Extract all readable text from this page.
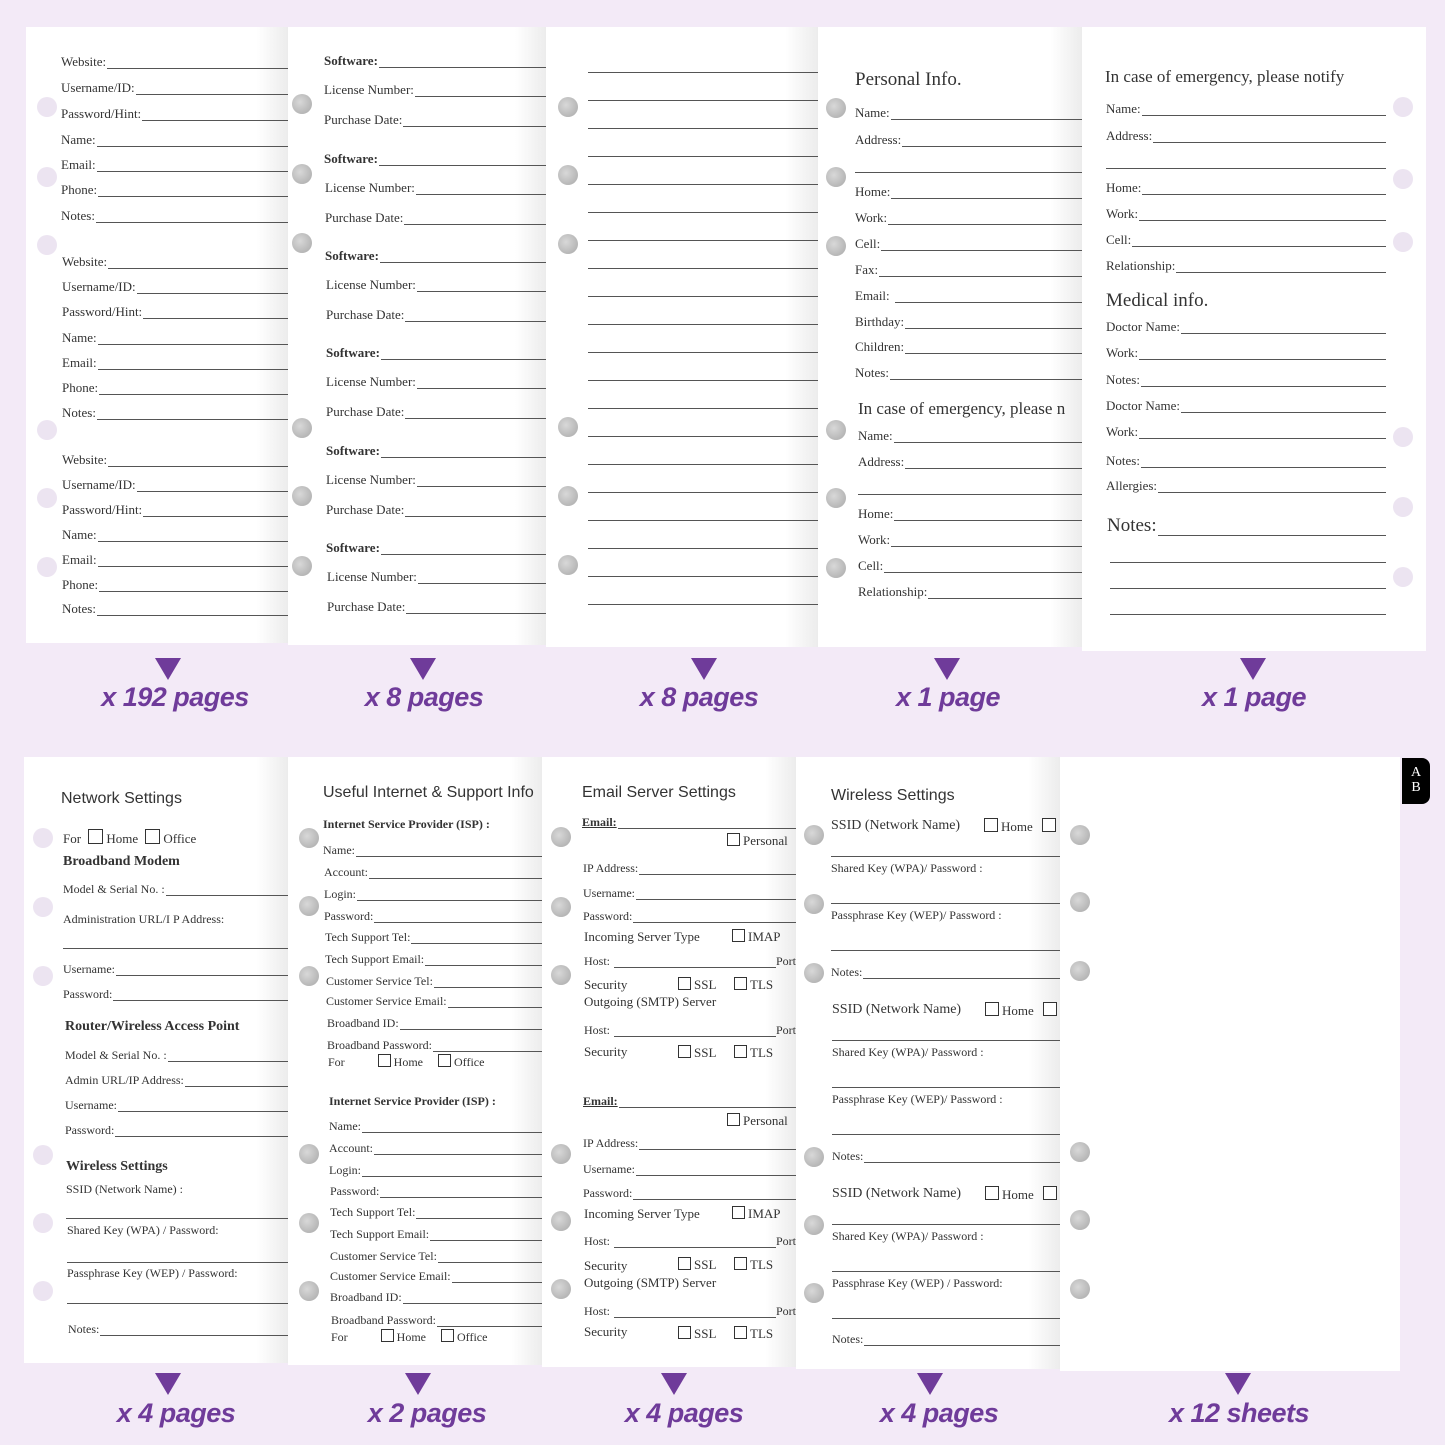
Website:
Username/ID:
Password/Hint:
Name:
Email:
Phone:
Notes:
Website:
Username/ID:
Password/Hint:
Name:
Email:
Phone:
Notes:
Website:
Username/ID:
Password/Hint:
Name:
Email:
Phone:
Notes:
Software:
License Number:
Purchase Date:
Software:
License Number:
Purchase Date:
Software:
License Number:
Purchase Date:
Software:
License Number:
Purchase Date:
Software:
License Number:
Purchase Date:
Software:
License Number:
Purchase Date:
Personal Info.
Name:
Address:
Home:
Work:
Cell:
Fax:
Email:
Birthday:
Children:
Notes:
In case of emergency, please n
Name:
Address:
Home:
Work:
Cell:
Relationship:
In case of emergency, please notify
Name:
Address:
Home:
Work:
Cell:
Relationship:
Medical info.
Doctor Name:
Work:
Notes:
Doctor Name:
Work:
Notes:
Allergies:
Notes:
x 192 pages	x 8 pages	x 8 pages	x 1 page	x 1 page
Network Settings
For Home Office
Broadband Modem
Model & Serial No. :
Administration URL/I P Address:
Username:
Password:
Router/Wireless Access Point
Model & Serial No. :
Admin URL/IP Address:
Username:
Password:
Wireless Settings
SSID (Network Name) :
Shared Key (WPA) / Password:
Passphrase Key (WEP) / Password:
Notes:
Useful Internet & Support Info
Internet Service Provider (ISP) :
Name:
Account:
Login:
Password:
Tech Support Tel:
Tech Support Email:
Customer Service Tel:
Customer Service Email:
Broadband ID:
Broadband Password:
For	Home	Office
Internet Service Provider (ISP) :
Name:
Account:
Login:
Password:
Tech Support Tel:
Tech Support Email:
Customer Service Tel:
Customer Service Email:
Broadband ID:
Broadband Password:
For	Home	Office
Email Server Settings
Email:
Personal
IP Address:
Username:
Password:
Incoming Server Type	IMAP
Host:	Port
Security	SSL	TLS
Outgoing (SMTP) Server
Host:	Port
Security	SSL	TLS
Email:
Personal
IP Address:
Username:
Password:
Incoming Server Type	IMAP
Host:	Port
Security	SSL	TLS
Outgoing (SMTP) Server
Host:	Port
Security	SSL	TLS
Wireless Settings
SSID (Network Name)	Home
Shared Key (WPA)/ Password :
Passphrase Key (WEP)/ Password :
Notes:
SSID (Network Name)	Home
Shared Key (WPA)/ Password :
Passphrase Key (WEP)/ Password :
Notes:
SSID (Network Name)	Home
Shared Key (WPA)/ Password :
Passphrase Key (WEP) / Password:
Notes:
A
B
x 4 pages	x 2 pages	x 4 pages	x 4 pages	x 12 sheets
